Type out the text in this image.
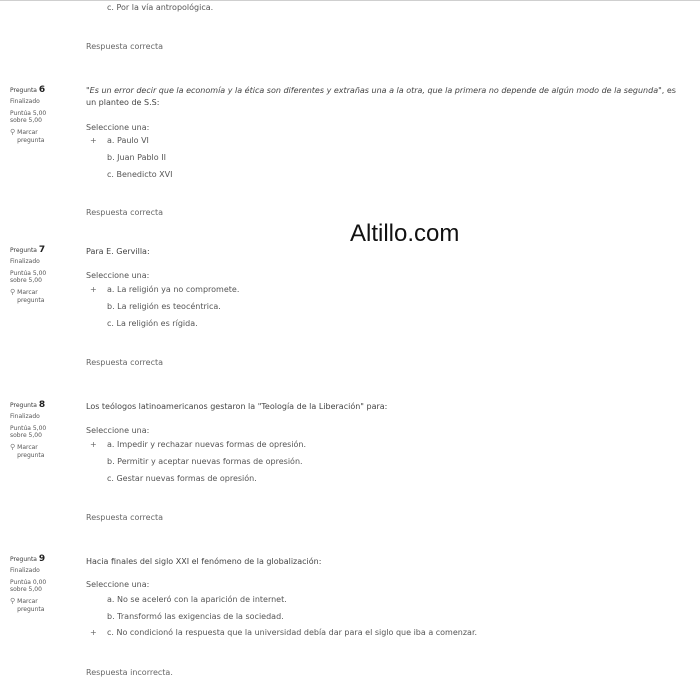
c. Por la vía antropológica.
Respuesta correcta
Pregunta 6
Finalizado
Puntúa 5,00
sobre 5,00
⚲ Marcar
pregunta
"Es un error decir que la economía y la ética son diferentes y extrañas una a la otra, que la primera no depende de algún modo de la segunda", es un planteo de S.S:
Seleccione una:
+ a. Paulo VI
b. Juan Pablo II
c. Benedicto XVI
Respuesta correcta
Altillo.com
Pregunta 7
Finalizado
Puntúa 5,00
sobre 5,00
⚲ Marcar
pregunta
Para E. Gervilla:
Seleccione una:
+ a. La religión ya no compromete.
b. La religión es teocéntrica.
c. La religión es rígida.
Respuesta correcta
Pregunta 8
Finalizado
Puntúa 5,00
sobre 5,00
⚲ Marcar
pregunta
Los teólogos latinoamericanos gestaron la "Teología de la Liberación" para:
Seleccione una:
+ a. Impedir y rechazar nuevas formas de opresión.
b. Permitir y aceptar nuevas formas de opresión.
c. Gestar nuevas formas de opresión.
Respuesta correcta
Pregunta 9
Finalizado
Puntúa 0,00
sobre 5,00
⚲ Marcar
pregunta
Hacia finales del siglo XXI el fenómeno de la globalización:
Seleccione una:
a. No se aceleró con la aparición de internet.
b. Transformó las exigencias de la sociedad.
+ c. No condicionó la respuesta que la universidad debía dar para el siglo que iba a comenzar.
Respuesta incorrecta.
